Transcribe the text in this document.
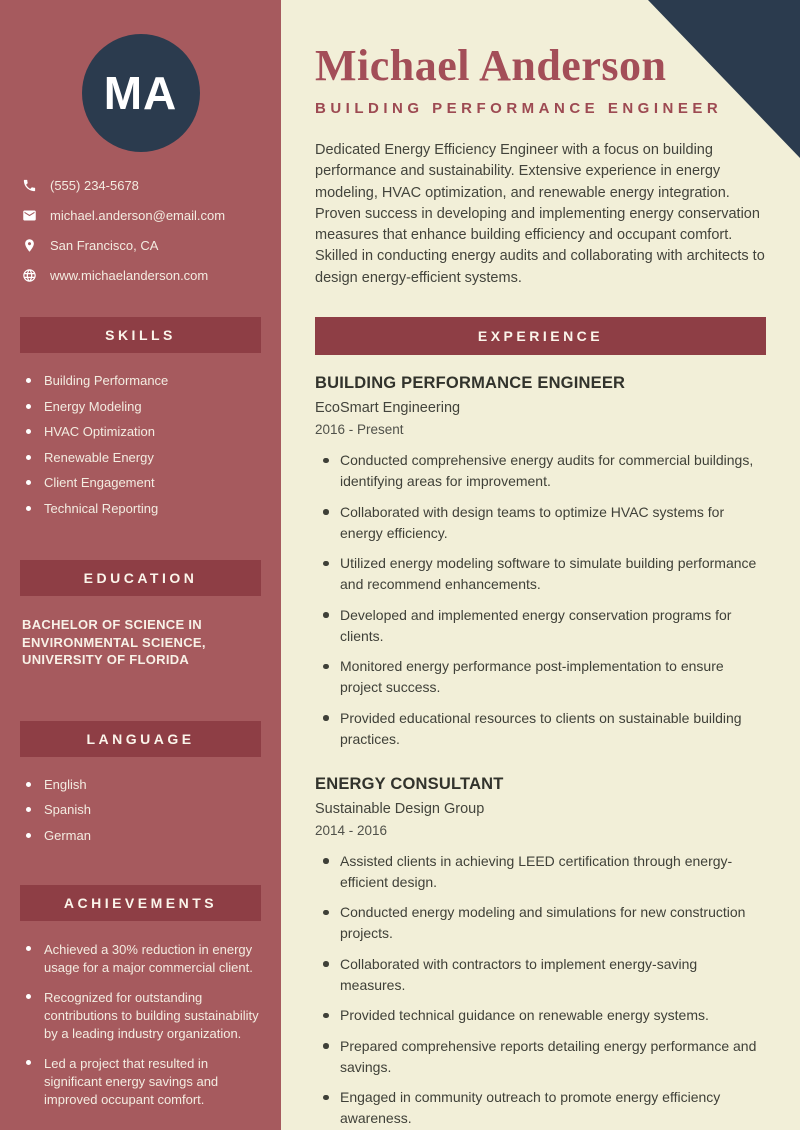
MA
(555) 234-5678
michael.anderson@email.com
San Francisco, CA
www.michaelanderson.com
SKILLS
Building Performance
Energy Modeling
HVAC Optimization
Renewable Energy
Client Engagement
Technical Reporting
EDUCATION
BACHELOR OF SCIENCE IN ENVIRONMENTAL SCIENCE, UNIVERSITY OF FLORIDA
LANGUAGE
English
Spanish
German
ACHIEVEMENTS
Achieved a 30% reduction in energy usage for a major commercial client.
Recognized for outstanding contributions to building sustainability by a leading industry organization.
Led a project that resulted in significant energy savings and improved occupant comfort.
Michael Anderson
BUILDING PERFORMANCE ENGINEER

Dedicated Energy Efficiency Engineer with a focus on building performance and sustainability. Extensive experience in energy modeling, HVAC optimization, and renewable energy integration. Proven success in developing and implementing energy conservation measures that enhance building efficiency and occupant comfort. Skilled in conducting energy audits and collaborating with architects to design energy-efficient systems.

EXPERIENCE
BUILDING PERFORMANCE ENGINEER
EcoSmart Engineering
2016 - Present
Conducted comprehensive energy audits for commercial buildings, identifying areas for improvement.
Collaborated with design teams to optimize HVAC systems for energy efficiency.
Utilized energy modeling software to simulate building performance and recommend enhancements.
Developed and implemented energy conservation programs for clients.
Monitored energy performance post-implementation to ensure project success.
Provided educational resources to clients on sustainable building practices.
ENERGY CONSULTANT
Sustainable Design Group
2014 - 2016
Assisted clients in achieving LEED certification through energy-efficient design.
Conducted energy modeling and simulations for new construction projects.
Collaborated with contractors to implement energy-saving measures.
Provided technical guidance on renewable energy systems.
Prepared comprehensive reports detailing energy performance and savings.
Engaged in community outreach to promote energy efficiency awareness.
